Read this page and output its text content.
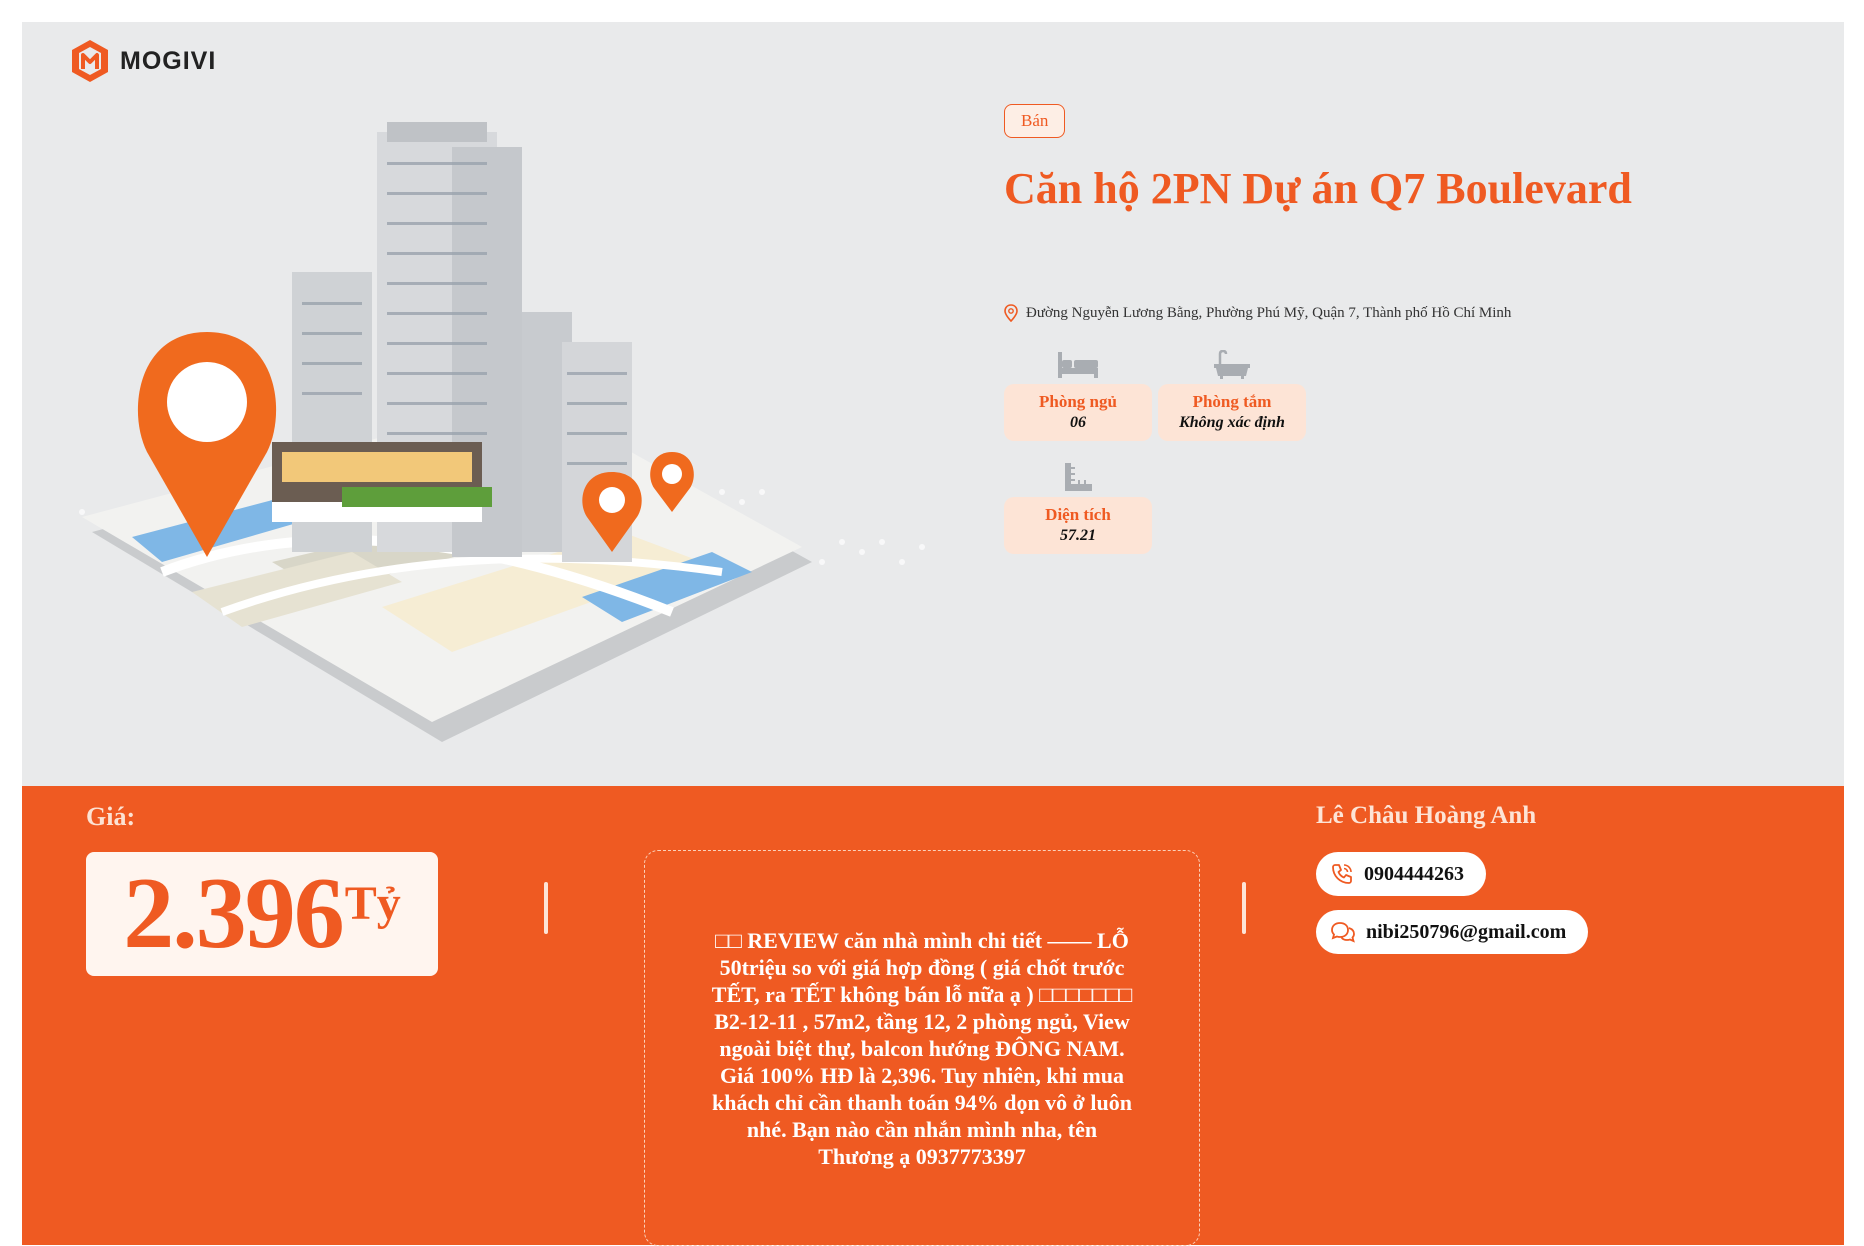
MOGIVI
Bán
Căn hộ 2PN Dự án Q7 Boulevard
Đường Nguyễn Lương Bằng, Phường Phú Mỹ, Quận 7, Thành phố Hồ Chí Minh
Phòng ngủ
06
Phòng tắm
Không xác định
Diện tích
57.21
Giá:
2.396 Tỷ
□□ REVIEW căn nhà mình chi tiết —— LỖ 50triệu so với giá hợp đồng ( giá chốt trước TẾT, ra TẾT không bán lỗ nữa ạ ) □□□□□□□ B2-12-11 , 57m2, tầng 12, 2 phòng ngủ, View ngoài biệt thự, balcon hướng ĐÔNG NAM. Giá 100% HĐ là 2,396. Tuy nhiên, khi mua khách chỉ cần thanh toán 94% dọn vô ở luôn nhé. Bạn nào cần nhắn mình nha, tên Thương ạ 0937773397
Lê Châu Hoàng Anh
0904444263
nibi250796@gmail.com
